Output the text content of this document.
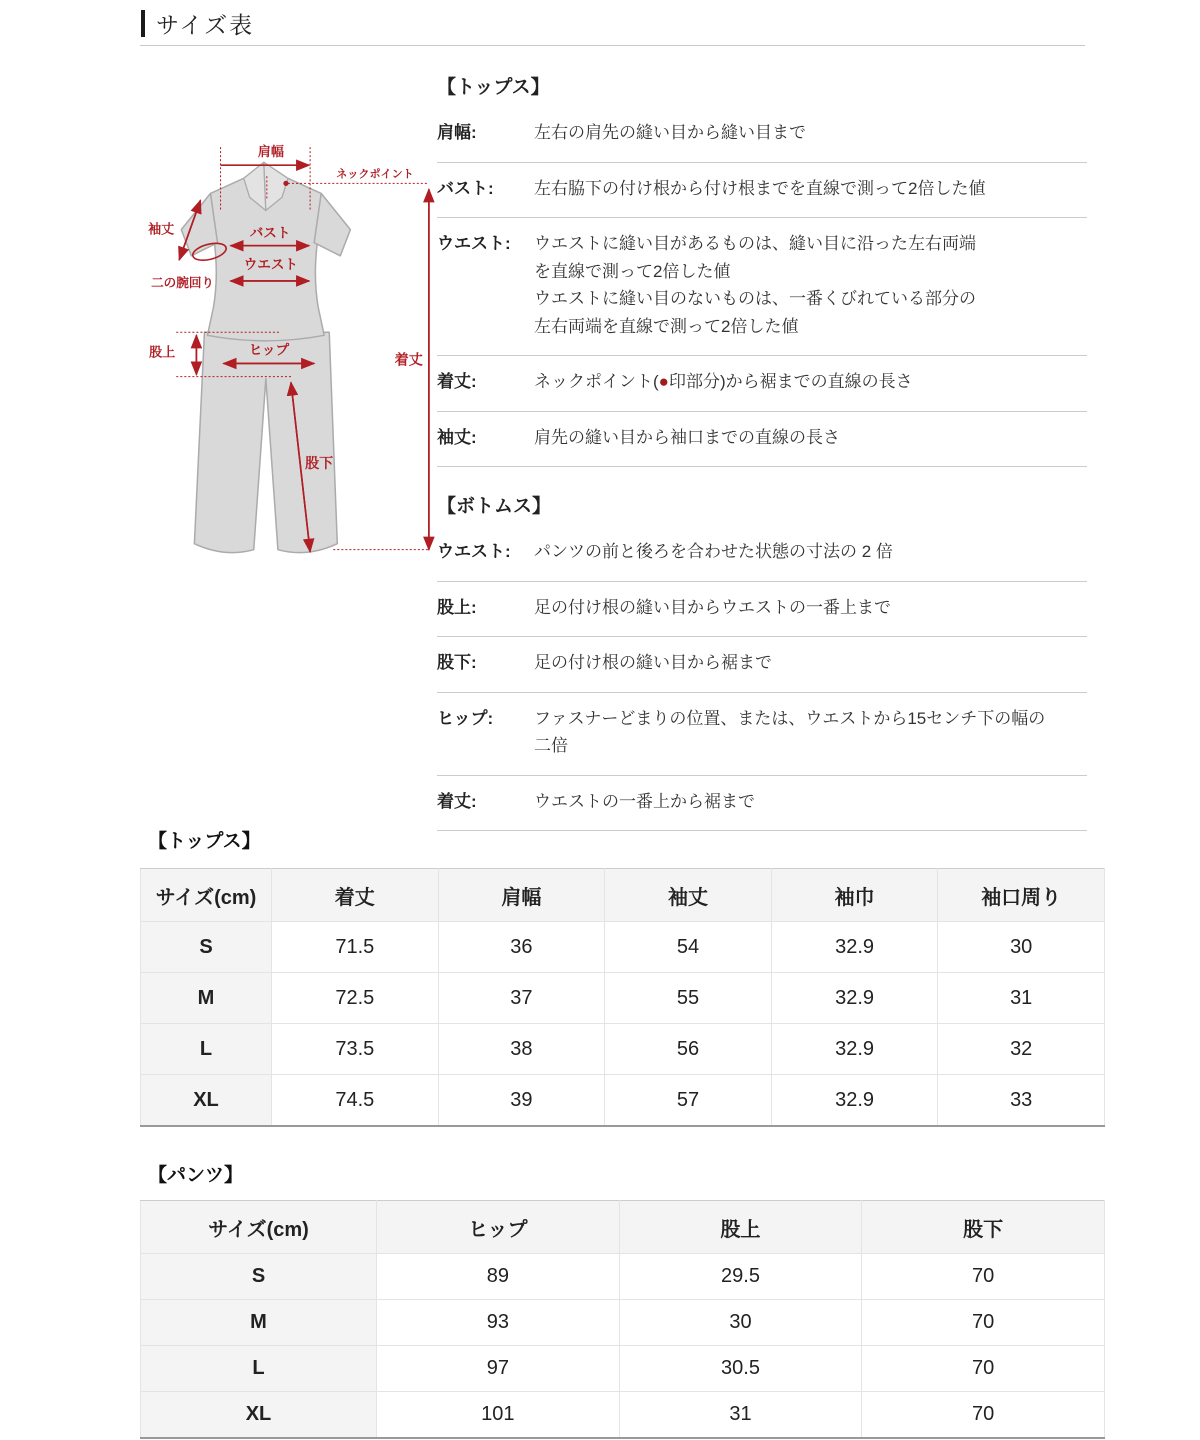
サイズ表
肩幅
ネックポイント
着丈
袖丈
二の腕回り
バスト
ウエスト
股上	ヒップ
股下
【トップス】
肩幅:	左右の肩先の縫い目から縫い目まで
バスト:	左右脇下の付け根から付け根までを直線で測って2倍した値
ウエスト:	ウエストに縫い目があるものは、縫い目に沿った左右両端
を直線で測って2倍した値
ウエストに縫い目のないものは、一番くびれている部分の
左右両端を直線で測って2倍した値
着丈:	ネックポイント(●印部分)から裾までの直線の長さ
袖丈:	肩先の縫い目から袖口までの直線の長さ
【ボトムス】
ウエスト:	パンツの前と後ろを合わせた状態の寸法の 2 倍
股上:	足の付け根の縫い目からウエストの一番上まで
股下:	足の付け根の縫い目から裾まで
ヒップ:	ファスナーどまりの位置、または、ウエストから15センチ下の幅の
二倍
着丈:	ウエストの一番上から裾まで
【トップス】
サイズ(cm)	着丈	肩幅	袖丈	袖巾	袖口周り
S	71.5	36	54	32.9	30
M	72.5	37	55	32.9	31
L	73.5	38	56	32.9	32
XL	74.5	39	57	32.9	33
【パンツ】
サイズ(cm)	ヒップ	股上	股下
S	89	29.5	70
M	93	30	70
L	97	30.5	70
XL	101	31	70
